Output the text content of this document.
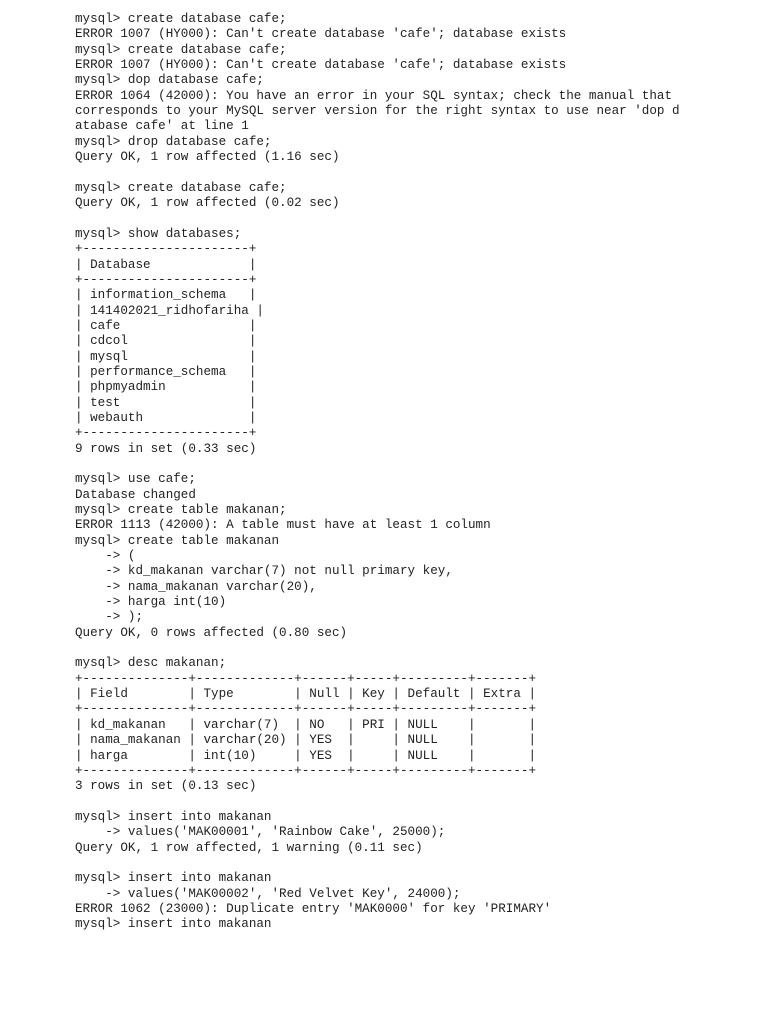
mysql> create database cafe;
ERROR 1007 (HY000): Can't create database 'cafe'; database exists
mysql> create database cafe;
ERROR 1007 (HY000): Can't create database 'cafe'; database exists
mysql> dop database cafe;
ERROR 1064 (42000): You have an error in your SQL syntax; check the manual that
corresponds to your MySQL server version for the right syntax to use near 'dop d
atabase cafe' at line 1
mysql> drop database cafe;
Query OK, 1 row affected (1.16 sec)
mysql> create database cafe;
Query OK, 1 row affected (0.02 sec)
mysql> show databases;
+----------------------+
| Database             |
+----------------------+
| information_schema   |
| 141402021_ridhofariha |
| cafe                 |
| cdcol                |
| mysql                |
| performance_schema   |
| phpmyadmin           |
| test                 |
| webauth              |
+----------------------+
9 rows in set (0.33 sec)
mysql> use cafe;
Database changed
mysql> create table makanan;
ERROR 1113 (42000): A table must have at least 1 column
mysql> create table makanan
-> (
-> kd_makanan varchar(7) not null primary key,
-> nama_makanan varchar(20),
-> harga int(10)
-> );
Query OK, 0 rows affected (0.80 sec)
mysql> desc makanan;
+--------------+-------------+------+-----+---------+-------+
| Field        | Type        | Null | Key | Default | Extra |
+--------------+-------------+------+-----+---------+-------+
| kd_makanan   | varchar(7)  | NO   | PRI | NULL    |       |
| nama_makanan | varchar(20) | YES  |     | NULL    |       |
| harga        | int(10)     | YES  |     | NULL    |       |
+--------------+-------------+------+-----+---------+-------+
3 rows in set (0.13 sec)
mysql> insert into makanan
-> values('MAK00001', 'Rainbow Cake', 25000);
Query OK, 1 row affected, 1 warning (0.11 sec)
mysql> insert into makanan
-> values('MAK00002', 'Red Velvet Key', 24000);
ERROR 1062 (23000): Duplicate entry 'MAK0000' for key 'PRIMARY'
mysql> insert into makanan
